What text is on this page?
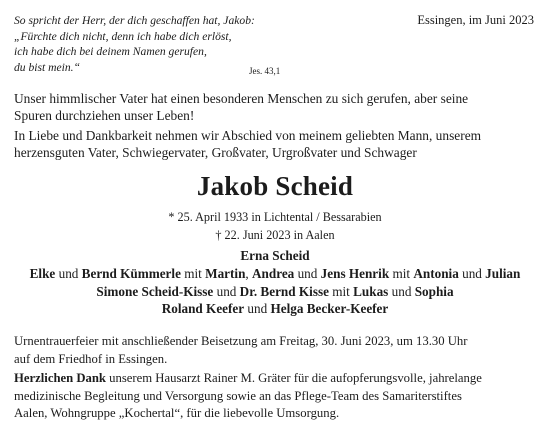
So spricht der Herr, der dich geschaffen hat, Jakob:
„Fürchte dich nicht, denn ich habe dich erlöst,
ich habe dich bei deinem Namen gerufen,
du bist mein.“	Jes. 43,1
Essingen, im Juni 2023
Unser himmlischer Vater hat einen besonderen Menschen zu sich gerufen, aber seine
Spuren durchziehen unser Leben!
In Liebe und Dankbarkeit nehmen wir Abschied von meinem geliebten Mann, unserem
herzensguten Vater, Schwiegervater, Großvater, Urgroßvater und Schwager
Jakob Scheid
* 25. April 1933 in Lichtental / Bessarabien
† 22. Juni 2023 in Aalen
Erna Scheid
Elke und Bernd Kümmerle mit Martin, Andrea und Jens Henrik mit Antonia und Julian
Simone Scheid-Kisse und Dr. Bernd Kisse mit Lukas und Sophia
Roland Keefer und Helga Becker-Keefer
Urnentrauerfeier mit anschließender Beisetzung am Freitag, 30. Juni 2023, um 13.30 Uhr
auf dem Friedhof in Essingen.
Herzlichen Dank unserem Hausarzt Rainer M. Gräter für die aufopferungsvolle, jahrelange
medizinische Begleitung und Versorgung sowie an das Pflege-Team des Samariterstiftes
Aalen, Wohngruppe „Kochertal“, für die liebevolle Umsorgung.
